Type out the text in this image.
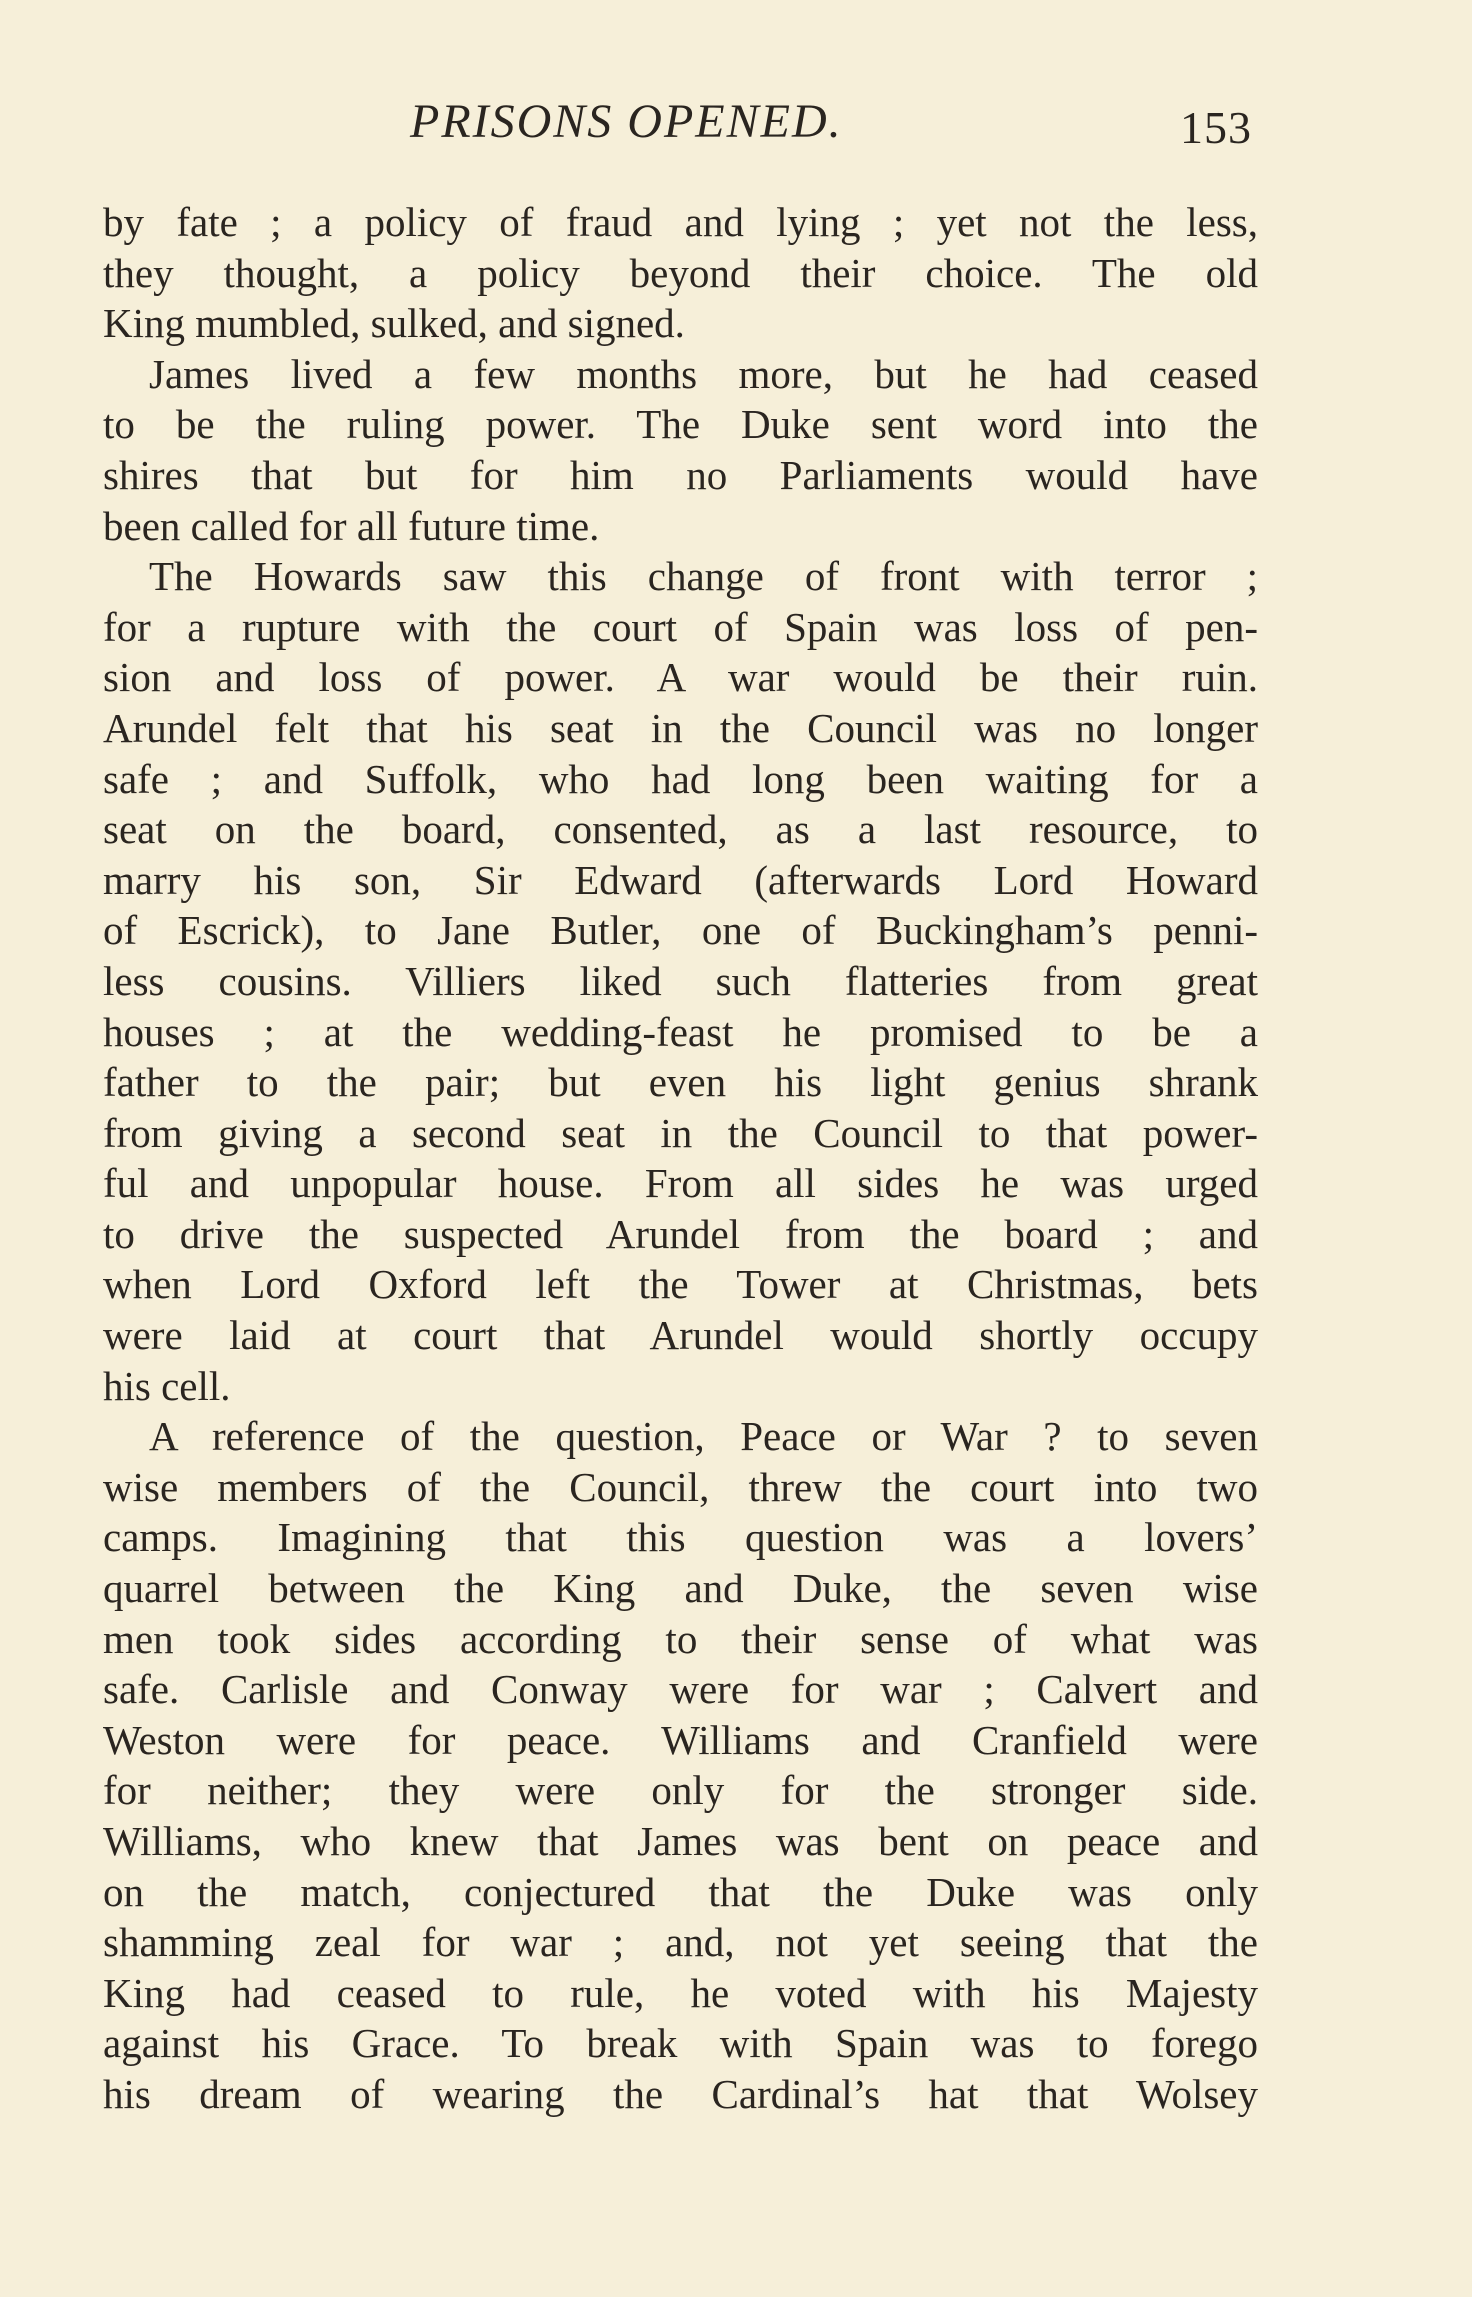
PRISONS OPENED.	153
by fate ; a policy of fraud and lying ; yet not the less,
they thought, a policy beyond their choice. The old
King mumbled, sulked, and signed.
James lived a few months more, but he had ceased
to be the ruling power. The Duke sent word into the
shires that but for him no Parliaments would have
been called for all future time.
The Howards saw this change of front with terror ;
for a rupture with the court of Spain was loss of pen-
sion and loss of power. A war would be their ruin.
Arundel felt that his seat in the Council was no longer
safe ; and Suffolk, who had long been waiting for a
seat on the board, consented, as a last resource, to
marry his son, Sir Edward (afterwards Lord Howard
of Escrick), to Jane Butler, one of Buckingham’s penni-
less cousins. Villiers liked such flatteries from great
houses ; at the wedding-feast he promised to be a
father to the pair; but even his light genius shrank
from giving a second seat in the Council to that power-
ful and unpopular house. From all sides he was urged
to drive the suspected Arundel from the board ; and
when Lord Oxford left the Tower at Christmas, bets
were laid at court that Arundel would shortly occupy
his cell.
A reference of the question, Peace or War ? to seven
wise members of the Council, threw the court into two
camps. Imagining that this question was a lovers’
quarrel between the King and Duke, the seven wise
men took sides according to their sense of what was
safe. Carlisle and Conway were for war ; Calvert and
Weston were for peace. Williams and Cranfield were
for neither; they were only for the stronger side.
Williams, who knew that James was bent on peace and
on the match, conjectured that the Duke was only
shamming zeal for war ; and, not yet seeing that the
King had ceased to rule, he voted with his Majesty
against his Grace. To break with Spain was to forego
his dream of wearing the Cardinal’s hat that Wolsey
